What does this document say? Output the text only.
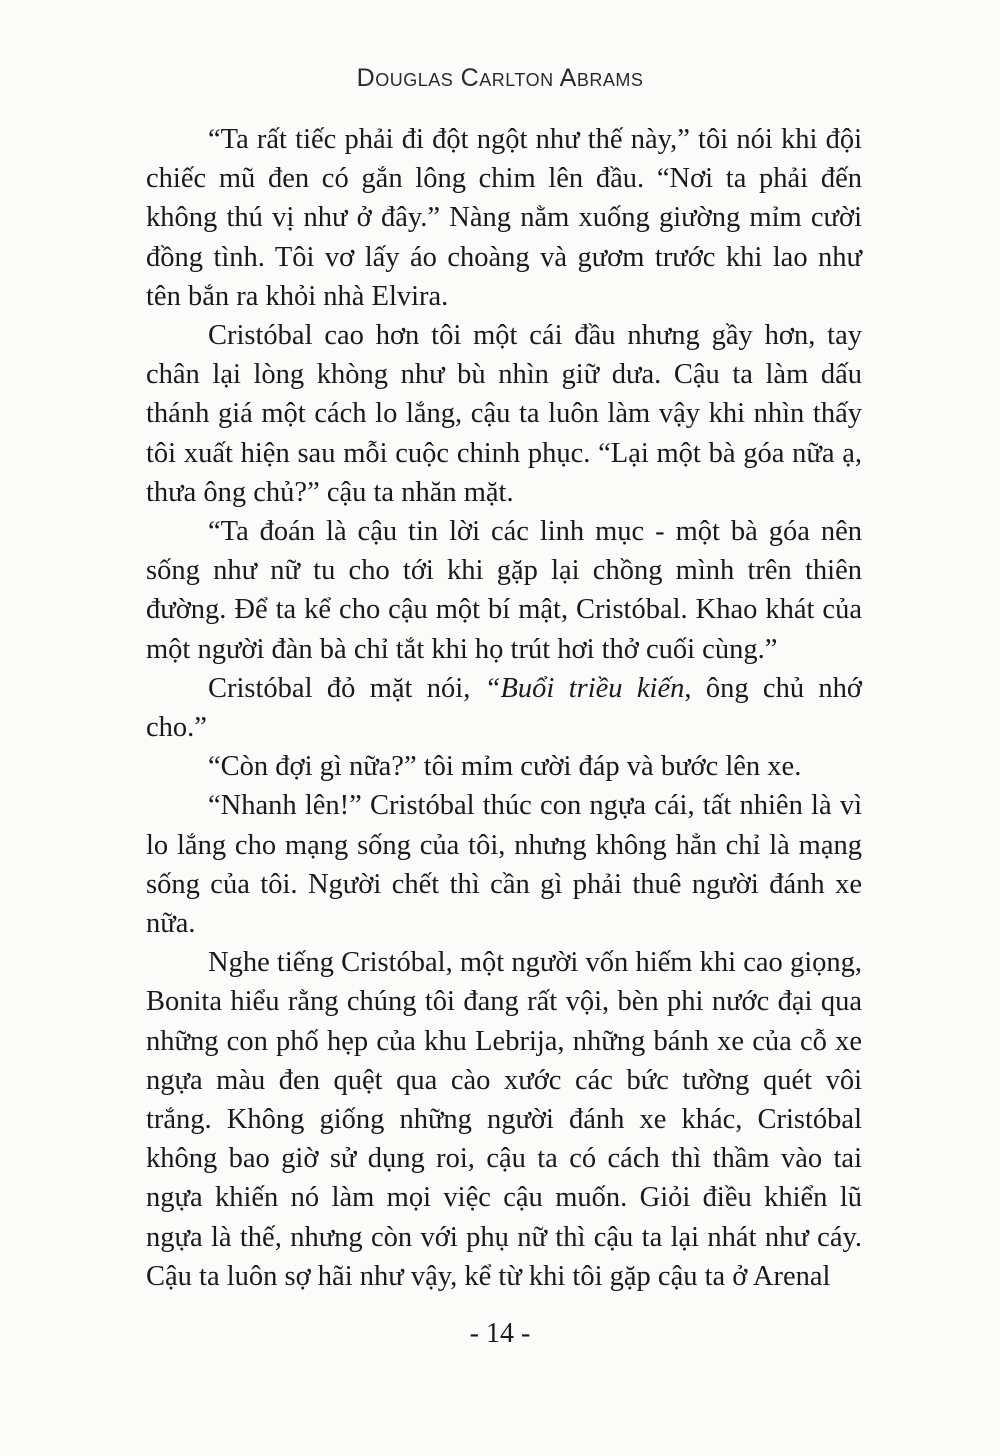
Douglas Carlton Abrams

“Ta rất tiếc phải đi đột ngột như thế này,” tôi nói khi đội chiếc mũ đen có gắn lông chim lên đầu. “Nơi ta phải đến không thú vị như ở đây.” Nàng nằm xuống giường mỉm cười đồng tình. Tôi vơ lấy áo choàng và gươm trước khi lao như tên bắn ra khỏi nhà Elvira.

Cristóbal cao hơn tôi một cái đầu nhưng gầy hơn, tay chân lại lòng khòng như bù nhìn giữ dưa. Cậu ta làm dấu thánh giá một cách lo lắng, cậu ta luôn làm vậy khi nhìn thấy tôi xuất hiện sau mỗi cuộc chinh phục. “Lại một bà góa nữa ạ, thưa ông chủ?” cậu ta nhăn mặt.

“Ta đoán là cậu tin lời các linh mục - một bà góa nên sống như nữ tu cho tới khi gặp lại chồng mình trên thiên đường. Để ta kể cho cậu một bí mật, Cristóbal. Khao khát của một người đàn bà chỉ tắt khi họ trút hơi thở cuối cùng.”

Cristóbal đỏ mặt nói, “Buổi triều kiến, ông chủ nhớ cho.”

“Còn đợi gì nữa?” tôi mỉm cười đáp và bước lên xe.

“Nhanh lên!” Cristóbal thúc con ngựa cái, tất nhiên là vì lo lắng cho mạng sống của tôi, nhưng không hẳn chỉ là mạng sống của tôi. Người chết thì cần gì phải thuê người đánh xe nữa.

Nghe tiếng Cristóbal, một người vốn hiếm khi cao giọng, Bonita hiểu rằng chúng tôi đang rất vội, bèn phi nước đại qua những con phố hẹp của khu Lebrija, những bánh xe của cỗ xe ngựa màu đen quệt qua cào xước các bức tường quét vôi trắng. Không giống những người đánh xe khác, Cristóbal không bao giờ sử dụng roi, cậu ta có cách thì thầm vào tai ngựa khiến nó làm mọi việc cậu muốn. Giỏi điều khiển lũ ngựa là thế, nhưng còn với phụ nữ thì cậu ta lại nhát như cáy. Cậu ta luôn sợ hãi như vậy, kể từ khi tôi gặp cậu ta ở Arenal

- 14 -
